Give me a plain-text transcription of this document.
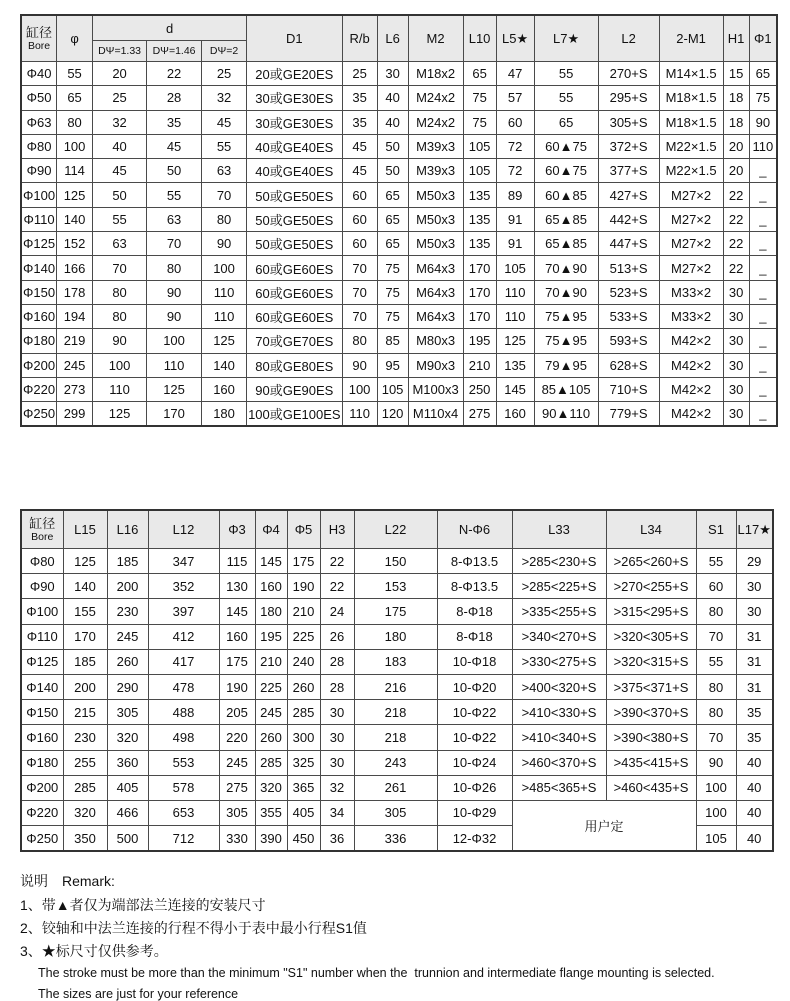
缸径
Bore	φ	d			D1	R/b	L6	M2	L10	L5★	L7★	L2	2-M1	H1	Φ1
		DΨ=1.33	DΨ=1.46	DΨ=2											
Φ40	55	20	22	25	20或GE20ES	25	30	M18x2	65	47	55	270+S	M14×1.5	15	65
Φ50	65	25	28	32	30或GE30ES	35	40	M24x2	75	57	55	295+S	M18×1.5	18	75
Φ63	80	32	35	45	30或GE30ES	35	40	M24x2	75	60	65	305+S	M18×1.5	18	90
Φ80	100	40	45	55	40或GE40ES	45	50	M39x3	105	72	60▲75	372+S	M22×1.5	20	110
Φ90	114	45	50	63	40或GE40ES	45	50	M39x3	105	72	60▲75	377+S	M22×1.5	20	_
Φ100	125	50	55	70	50或GE50ES	60	65	M50x3	135	89	60▲85	427+S	M27×2	22	_
Φ110	140	55	63	80	50或GE50ES	60	65	M50x3	135	91	65▲85	442+S	M27×2	22	_
Φ125	152	63	70	90	50或GE50ES	60	65	M50x3	135	91	65▲85	447+S	M27×2	22	_
Φ140	166	70	80	100	60或GE60ES	70	75	M64x3	170	105	70▲90	513+S	M27×2	22	_
Φ150	178	80	90	110	60或GE60ES	70	75	M64x3	170	110	70▲90	523+S	M33×2	30	_
Φ160	194	80	90	110	60或GE60ES	70	75	M64x3	170	110	75▲95	533+S	M33×2	30	_
Φ180	219	90	100	125	70或GE70ES	80	85	M80x3	195	125	75▲95	593+S	M42×2	30	_
Φ200	245	100	110	140	80或GE80ES	90	95	M90x3	210	135	79▲95	628+S	M42×2	30	_
Φ220	273	110	125	160	90或GE90ES	100	105	M100x3	250	145	85▲105	710+S	M42×2	30	_
Φ250	299	125	170	180	100或GE100ES	110	120	M110x4	275	160	90▲110	779+S	M42×2	30	_
缸径
Bore	L15	L16	L12	Φ3	Φ4	Φ5	H3	L22	N-Φ6	L33	L34	S1	L17★
Φ80	125	185	347	115	145	175	22	150	8-Φ13.5	>285<230+S	>265<260+S	55	29
Φ90	140	200	352	130	160	190	22	153	8-Φ13.5	>285<225+S	>270<255+S	60	30
Φ100	155	230	397	145	180	210	24	175	8-Φ18	>335<255+S	>315<295+S	80	30
Φ110	170	245	412	160	195	225	26	180	8-Φ18	>340<270+S	>320<305+S	70	31
Φ125	185	260	417	175	210	240	28	183	10-Φ18	>330<275+S	>320<315+S	55	31
Φ140	200	290	478	190	225	260	28	216	10-Φ20	>400<320+S	>375<371+S	80	31
Φ150	215	305	488	205	245	285	30	218	10-Φ22	>410<330+S	>390<370+S	80	35
Φ160	230	320	498	220	260	300	30	218	10-Φ22	>410<340+S	>390<380+S	70	35
Φ180	255	360	553	245	285	325	30	243	10-Φ24	>460<370+S	>435<415+S	90	40
Φ200	285	405	578	275	320	365	32	261	10-Φ26	>485<365+S	>460<435+S	100	40
Φ220	320	466	653	305	355	405	34	305	10-Φ29	用户定		100	40
Φ250	350	500	712	330	390	450	36	336	12-Φ32			105	40
说明　Remark:
1、带▲者仅为端部法兰连接的安装尺寸
2、铰轴和中法兰连接的行程不得小于表中最小行程S1值
3、★标尺寸仅供参考。
The stroke must be more than the minimum "S1" number when the  trunnion and intermediate flange mounting is selected.
The sizes are just for your reference
